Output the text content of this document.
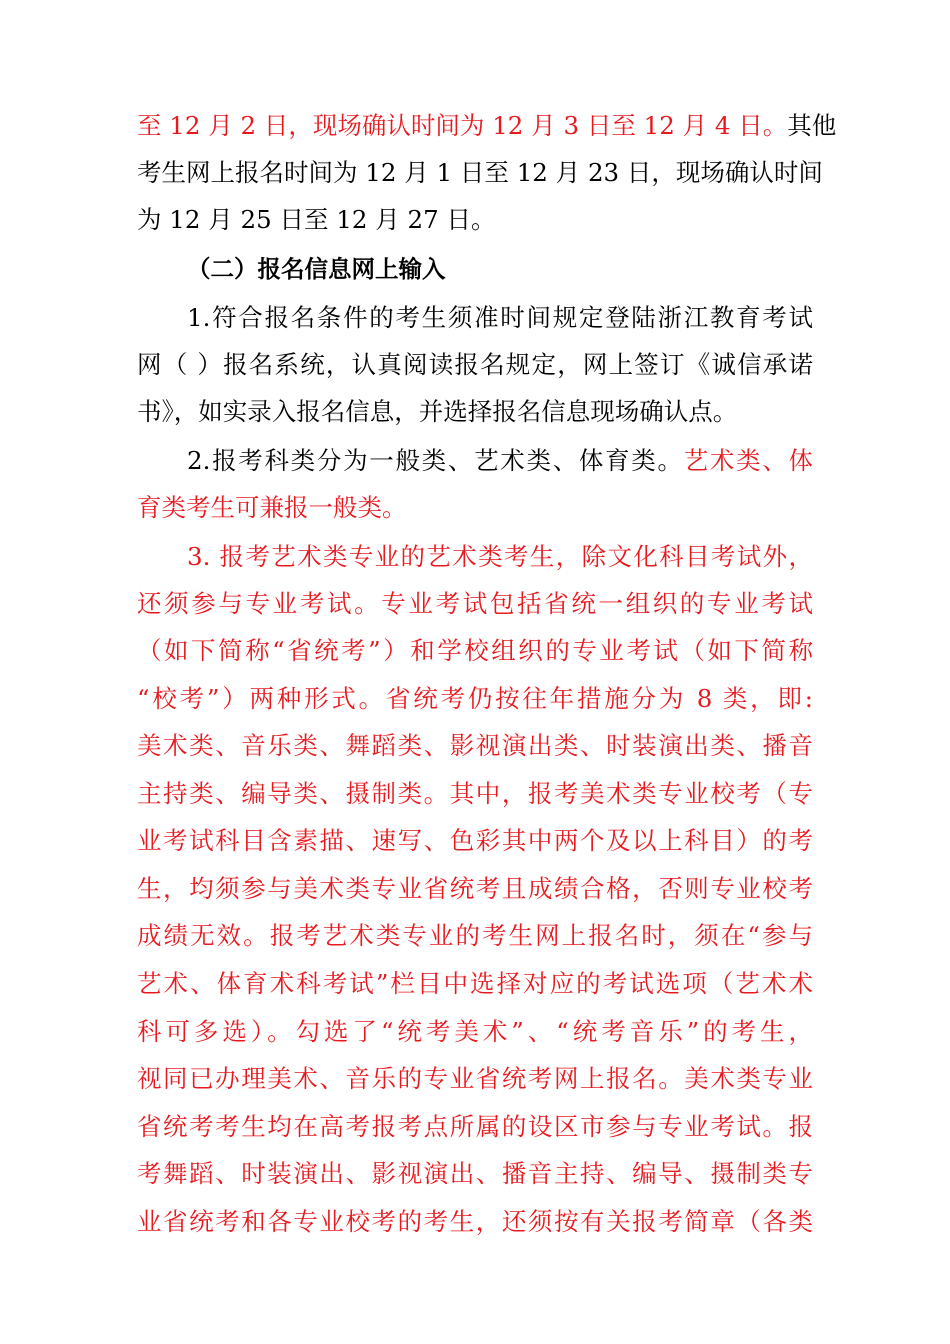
至 12 月 2 日，现场确认时间为 12 月 3 日至 12 月 4 日。其他
考生网上报名时间为 12 月 1 日至 12 月 23 日，现场确认时间
为 12 月 25 日至 12 月 27 日。
（二）报名信息网上输入
1.符合报名条件的考生须准时间规定登陆浙江教育考试
网（ ）报名系统，认真阅读报名规定，网上签订《诚信承诺
书》，如实录入报名信息，并选择报名信息现场确认点。
2.报考科类分为一般类、艺术类、体育类。艺术类、体
育类考生可兼报一般类。
3. 报考艺术类专业的艺术类考生，除文化科目考试外，
还须参与专业考试。专业考试包括省统一组织的专业考试
（如下简称“省统考”）和学校组织的专业考试（如下简称
“校考”）两种形式。省统考仍按往年措施分为 8 类，即:
美术类、音乐类、舞蹈类、影视演出类、时装演出类、播音
主持类、编导类、摄制类。其中，报考美术类专业校考（专
业考试科目含素描、速写、色彩其中两个及以上科目）的考
生，均须参与美术类专业省统考且成绩合格，否则专业校考
成绩无效。报考艺术类专业的考生网上报名时，须在“参与
艺术、体育术科考试”栏目中选择对应的考试选项（艺术术
科可多选）。勾选了“统考美术”、“统考音乐”的考生，
视同已办理美术、音乐的专业省统考网上报名。美术类专业
省统考考生均在高考报考点所属的设区市参与专业考试。报
考舞蹈、时装演出、影视演出、播音主持、编导、摄制类专
业省统考和各专业校考的考生，还须按有关报考简章（各类
